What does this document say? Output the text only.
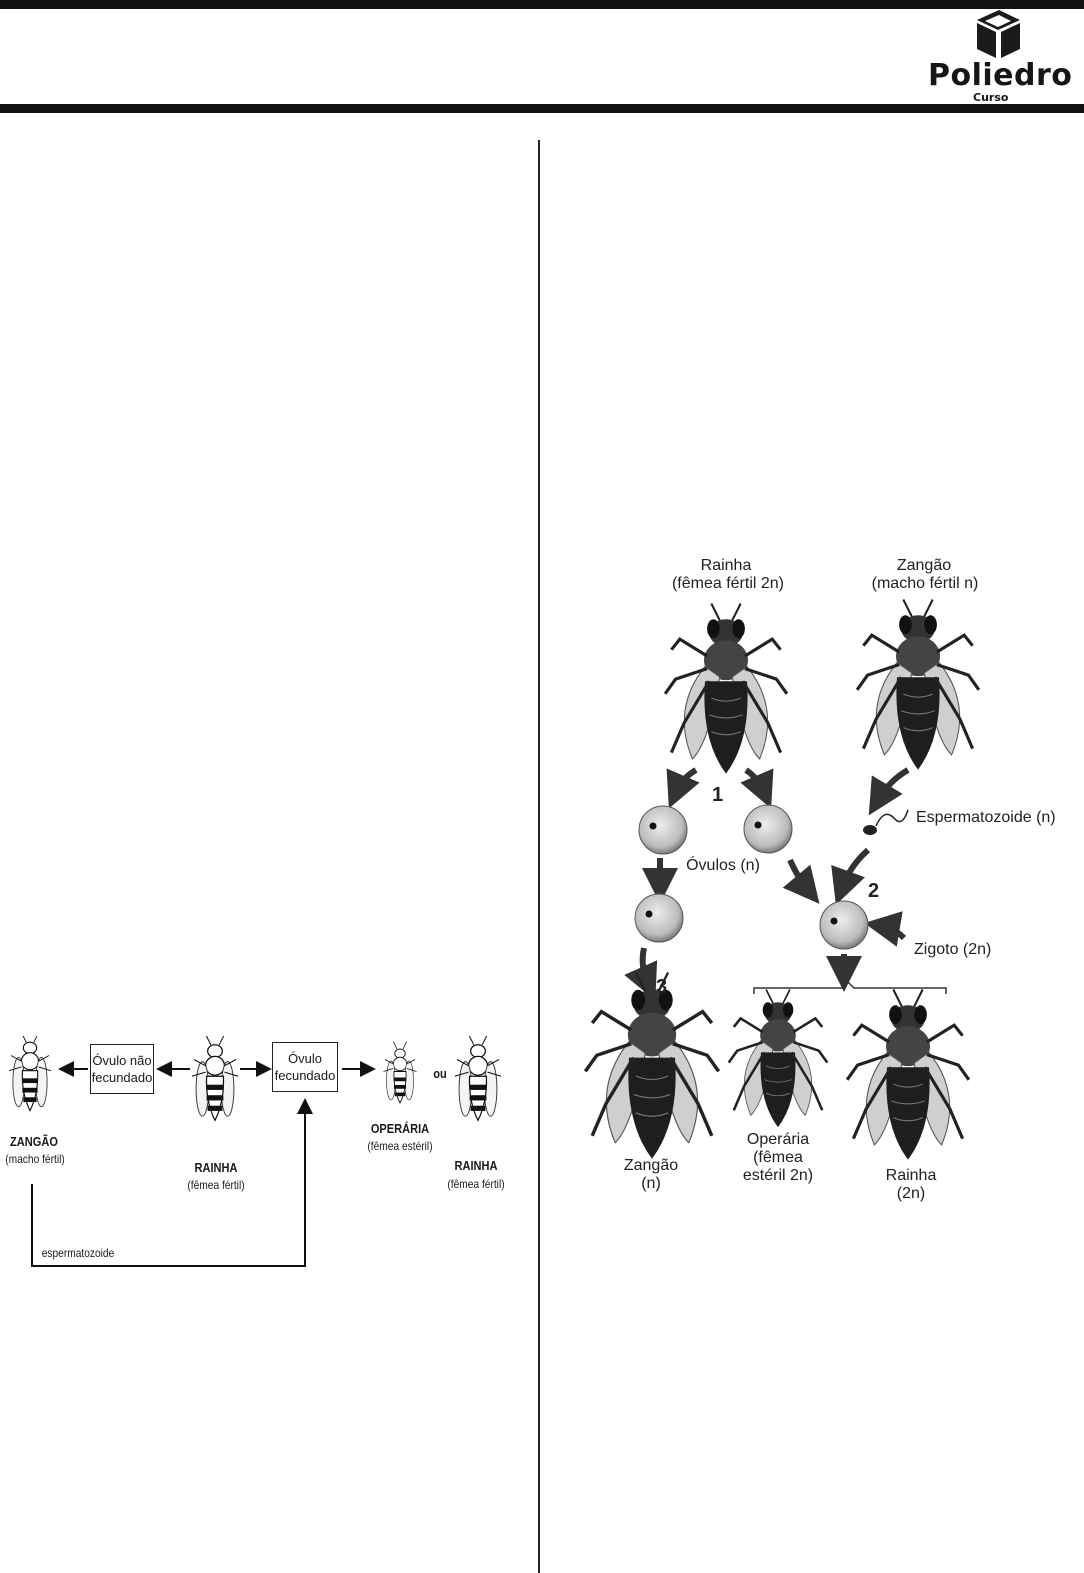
Poliedro
Curso
Óvulo não fecundado
Óvulo fecundado
ZANGÃO
(macho fértil)
RAINHA
(fêmea fértil)
OPERÁRIA
(fêmea estéril)
ou
RAINHA
(fêmea fértil)
espermatozoide
Rainha
(fêmea fértil 2n)
Zangão
(macho fértil n)
1
2
3
Espermatozoide (n)
Óvulos (n)
Zigoto (2n)
Zangão
(n)
Operária
(fêmea
estéril 2n)	Rainha
(2n)
